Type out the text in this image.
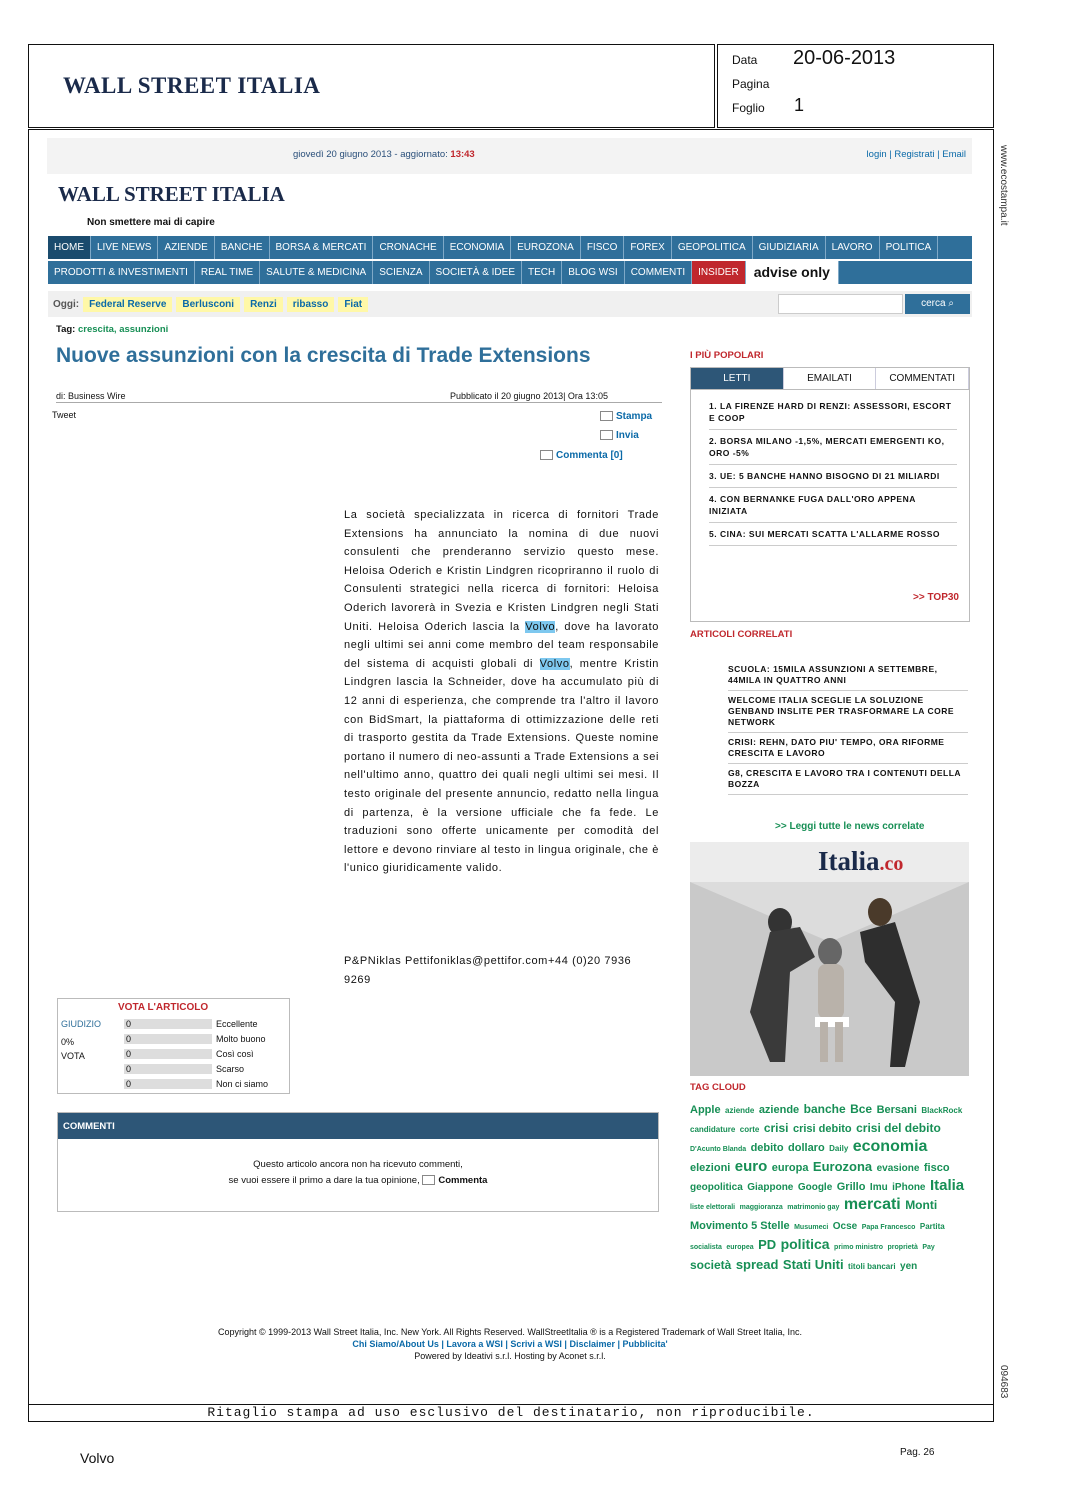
WALL STREET ITALIA
Data 20-06-2013
Pagina
Foglio 1
www.ecostampa.it
094683
Ritaglio stampa ad uso esclusivo del destinatario, non riproducibile.
Volvo	Pag. 26
giovedì 20 giugno 2013 - aggiornato: 13:43	login | Registrati | Email
WALL STREET ITALIA
Non smettere mai di capire
HOME	LIVE NEWS	AZIENDE	BANCHE	BORSA & MERCATI	CRONACHE	ECONOMIA	EUROZONA	FISCO	FOREX	GEOPOLITICA	GIUDIZIARIA	LAVORO	POLITICA
PRODOTTI & INVESTIMENTI	REAL TIME	SALUTE & MEDICINA	SCIENZA	SOCIETÀ & IDEE	TECH	BLOG WSI	COMMENTI	INSIDER	advise only
Oggi:	Federal Reserve	Berlusconi	Renzi	ribasso	Fiat	cerca ⌕
Tag: crescita, assunzioni
Nuove assunzioni con la crescita di Trade Extensions
di: Business Wire	Pubblicato il 20 giugno 2013| Ora 13:05
Tweet	Stampa
Invia
Commenta [0]
La società specializzata in ricerca di fornitori Trade Extensions ha annunciato la nomina di due nuovi consulenti che prenderanno servizio questo mese. Heloisa Oderich e Kristin Lindgren ricopriranno il ruolo di Consulenti strategici nella ricerca di fornitori: Heloisa Oderich lavorerà in Svezia e Kristen Lindgren negli Stati Uniti. Heloisa Oderich lascia la Volvo, dove ha lavorato negli ultimi sei anni come membro del team responsabile del sistema di acquisti globali di Volvo, mentre Kristin Lindgren lascia la Schneider, dove ha accumulato più di 12 anni di esperienza, che comprende tra l'altro il lavoro con BidSmart, la piattaforma di ottimizzazione delle reti di trasporto gestita da Trade Extensions. Queste nomine portano il numero di neo-assunti a Trade Extensions a sei nell'ultimo anno, quattro dei quali negli ultimi sei mesi. Il testo originale del presente annuncio, redatto nella lingua di partenza, è la versione ufficiale che fa fede. Le traduzioni sono offerte unicamente per comodità del lettore e devono rinviare al testo in lingua originale, che è l'unico giuridicamente valido.
P&PNiklas Pettifoniklas@pettifor.com+44 (0)20 7936 9269
VOTA L'ARTICOLO
GIUDIZIO
0%
VOTA
0	Eccellente
0	Molto buono
0	Così così
0	Scarso
0	Non ci siamo
COMMENTI
Questo articolo ancora non ha ricevuto commenti,
se vuoi essere il primo a dare la tua opinione, Commenta
I PIÙ POPOLARI
LETTI	EMAILATI	COMMENTATI
1. LA FIRENZE HARD DI RENZI: ASSESSORI, ESCORT E COOP
2. BORSA MILANO -1,5%, MERCATI EMERGENTI KO, ORO -5%
3. UE: 5 BANCHE HANNO BISOGNO DI 21 MILIARDI
4. CON BERNANKE FUGA DALL'ORO APPENA INIZIATA
5. CINA: SUI MERCATI SCATTA L'ALLARME ROSSO
>> TOP30
ARTICOLI CORRELATI
SCUOLA: 15MILA ASSUNZIONI A SETTEMBRE, 44MILA IN QUATTRO ANNI
WELCOME ITALIA SCEGLIE LA SOLUZIONE GENBAND INSLITE PER TRASFORMARE LA CORE NETWORK
CRISI: REHN, DATO PIU' TEMPO, ORA RIFORME CRESCITA E LAVORO
G8, CRESCITA E LAVORO TRA I CONTENUTI DELLA BOZZA
>> Leggi tutte le news correlate
Italia.co
TAG CLOUD
Apple aziende aziende banche Bce Bersani BlackRock candidature corte crisi crisi debito crisi del debito D'Acunto Blanda debito dollaro Daily economia elezioni euro europa Eurozona evasione fisco geopolitica Giappone Google Grillo Imu iPhone Italia liste elettorali maggioranza matrimonio gay mercati Monti Movimento 5 Stelle Musumeci Ocse Papa Francesco Partita socialista europea PD politica primo ministro proprietà Pay società spread Stati Uniti titoli bancari yen
Copyright © 1999-2013 Wall Street Italia, Inc. New York. All Rights Reserved. WallStreetItalia ® is a Registered Trademark of Wall Street Italia, Inc.
Chi Siamo/About Us | Lavora a WSI | Scrivi a WSI | Disclaimer | Pubblicita'
Powered by Ideativi s.r.l. Hosting by Aconet s.r.l.
